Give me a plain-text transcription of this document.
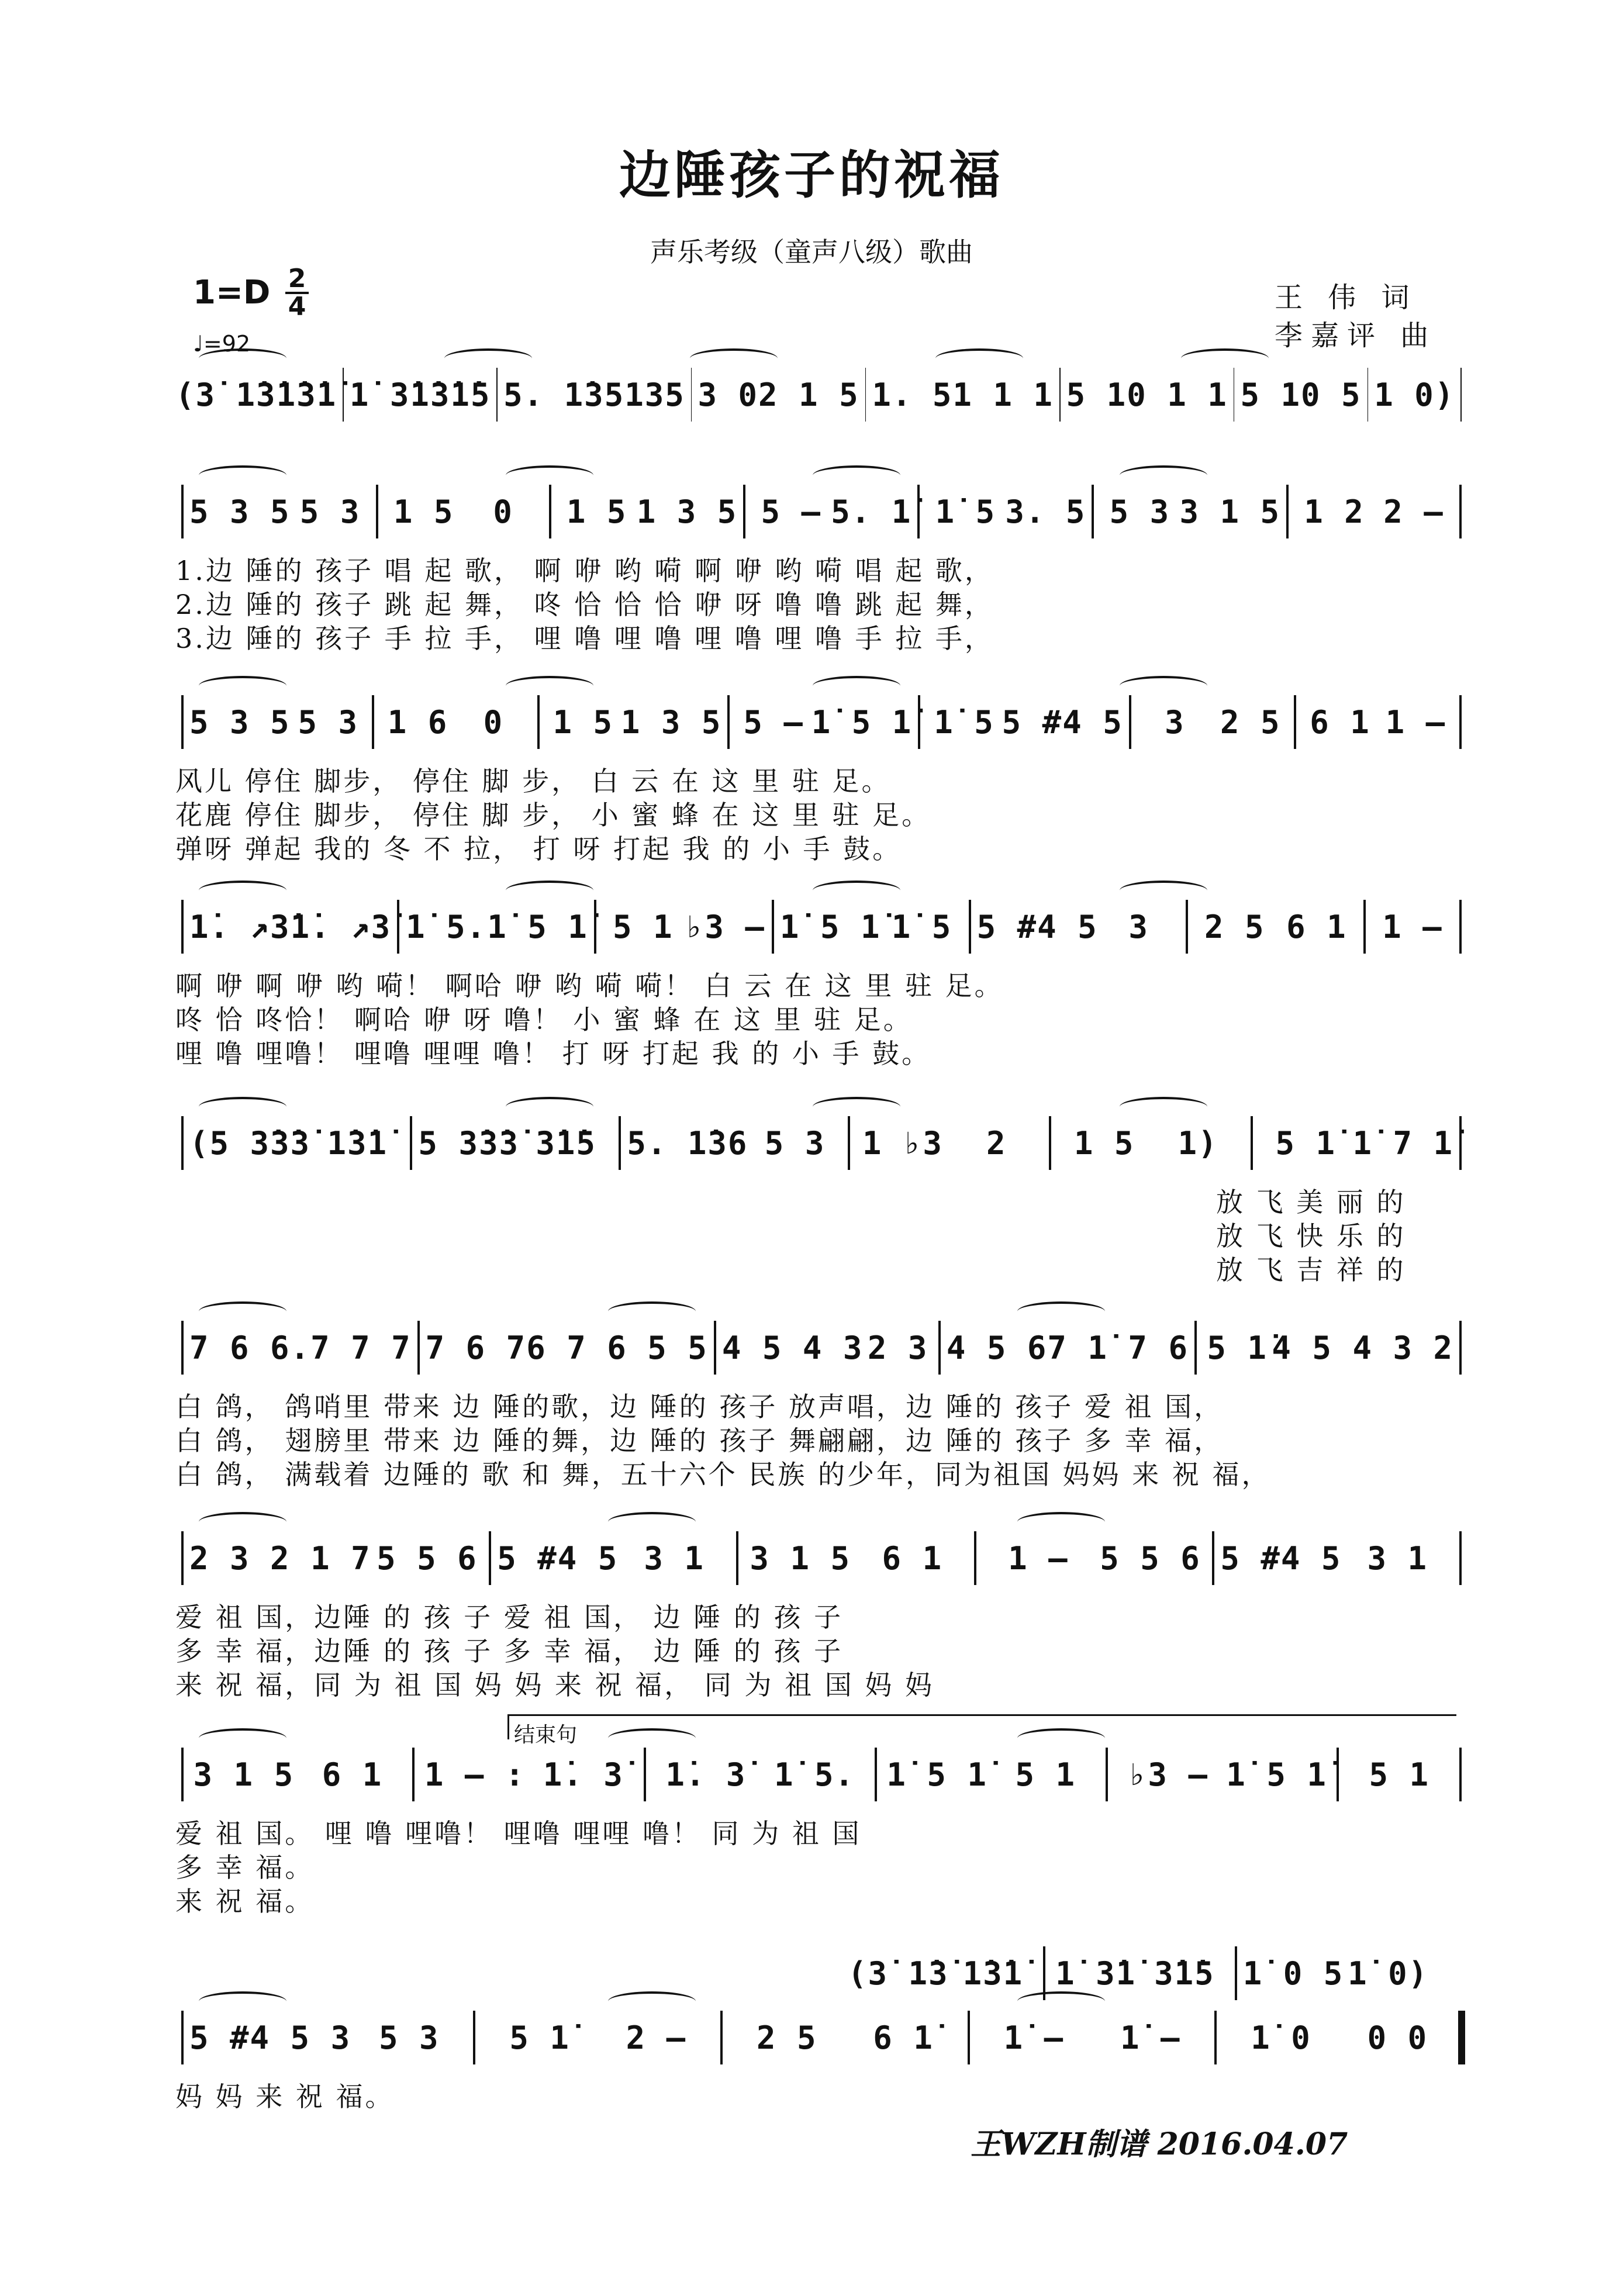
边陲孩子的祝福
声乐考级（童声八级）歌曲
$1=D \frac{2}{4}$
♩=92
王 伟 词
李嘉评 曲
(3̇ 1̇3̇ 1̇3̇1̇ 1̇ 3̇1̇ 3̇1̇5 5. 1̇35 135 3 0 2 1 5 1. 5 1 1 1 5 1 0 1 1 5 1 0 5 1 0)
5 3 5 5 3	1 5	0	1 5 1 3 5 5 – 5. 1̇ 1̇ 5 3. 5 5 3 3 1 5 1 2 2 –
1.边 陲的 孩子 唱 起 歌， 啊 咿 哟 嗬 啊 咿 哟 嗬 唱 起 歌，
2.边 陲的 孩子 跳 起 舞， 咚 恰 恰 恰 咿 呀 噜 噜 跳 起 舞，
3.边 陲的 孩子 手 拉 手， 哩 噜 哩 噜 哩 噜 哩 噜 手 拉 手，
5 3 5 5 3 1 6	0	1 5 1 3 5 5 – 1̇ 5 1̇ 1̇ 5 5 #4 5	3	2 5 6 1 1 –
风儿 停住 脚步， 停住 脚 步， 白 云 在 这 里 驻 足。
花鹿 停住 脚步， 停住 脚 步， 小 蜜 蜂 在 这 里 驻 足。
弹呀 弹起 我的 冬 不 拉， 打 呀 打起 我 的 小 手 鼓。
1̇. ↗3̇ 1̇. ↗3̇ 1̇ 5. 1̇ 5 1̇ 5 1 ♭3 – 1̇ 5 1̇ 1̇ 5 5 #4 5 3	2 5 6 1	1 –
啊 咿 啊 咿 哟 嗬！ 啊哈 咿 哟 嗬 嗬！ 白 云 在 这 里 驻 足。
咚 恰 咚恰！ 啊哈 咿 呀 噜！ 小 蜜 蜂 在 这 里 驻 足。
哩 噜 哩噜！ 哩噜 哩哩 噜！ 打 呀 打起 我 的 小 手 鼓。
(5 3̇3̇3̇ 1̇3̇1̇ 5 3̇3̇3̇ 3̇1̇5 5. 1̇36 5 3	1 ♭3	2	1 5	1)	5 1̇ 1̇ 7 1̇
放 飞 美 丽 的
放 飞 快 乐 的
放 飞 吉 祥 的
7 6 6. 7 7 7 7 6 7 6 7 6 5 5 4 5 4 3 2 3 4 5 6 7 1̇ 7 6 5 1̇ 4 5 4 3 2
白 鸽， 鸽哨里 带来 边 陲的歌，边 陲的 孩子 放声唱，边 陲的 孩子 爱 祖 国，
白 鸽， 翅膀里 带来 边 陲的舞，边 陲的 孩子 舞翩翩，边 陲的 孩子 多 幸 福，
白 鸽， 满载着 边陲的 歌 和 舞，五十六个 民族 的少年，同为祖国 妈妈 来 祝 福，
2 3 2 1 7 5 5 6 5 #4 5 3 1	3 1 5 6 1	1 – 5 5 6 5 #4 5 3 1
爱 祖 国，边陲 的 孩 子 爱 祖 国， 边 陲 的 孩 子
多 幸 福，边陲 的 孩 子 多 幸 福， 边 陲 的 孩 子
来 祝 福，同 为 祖 国 妈 妈 来 祝 福， 同 为 祖 国 妈 妈
3 1 5 6 1	1 – : 1̇. 3̇	1̇. 3̇ 1̇ 5.	1̇ 5 1̇ 5 1	♭3 – 1̇ 5 1̇	5 1
爱 祖 国。 哩 噜 哩噜！ 哩噜 哩哩 噜！ 同 为 祖 国
多 幸 福。
来 祝 福。
(3̇ 1̇3̇ 1̇3̇1̇	1̇ 3̇1̇ 3̇1̇5 1̇ 0 5 1̇ 0)
5 #4 5 3 5 3	5 1̇	2 –	2 5	6 1̇	1̇ –	1̇ –	1̇ 0	0 0
妈 妈 来 祝 福。
结束句
王WZH制谱 2016.04.07
